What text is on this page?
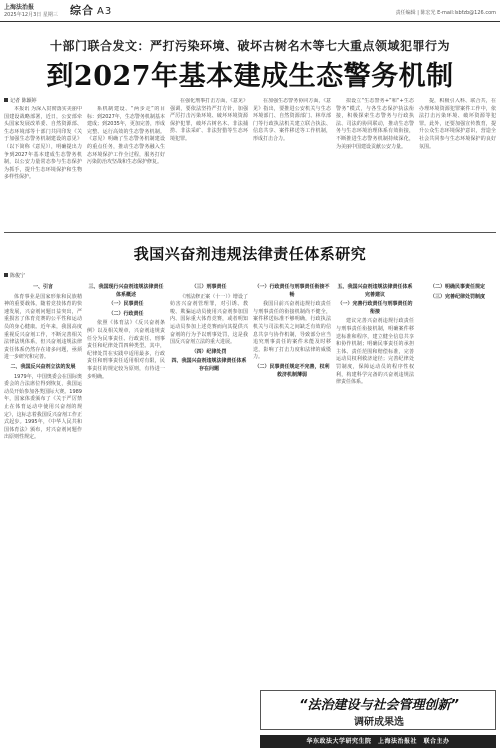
上海法治报
2025年12月3日 星期三 综合 A3	责任编辑 | 陈宏光 E-mail:lsbfzb@126.com
十部门联合发文：严打污染环境、破坏古树名木等七大重点领域犯罪行为
到2027年基本建成生态警务机制
记者 陈颖婷

本报讯 为深入贯彻落实美丽中国建设战略部署，近日，公安部牵头国家发展改革委、自然资源部、生态环境部等十部门共同印发《关于加强生态警务机制建设的意见》（以下简称《意见》），明确提出力争到2027年基本建成生态警务机制，以公安力量常态参与生态保护为抓手，提升生态环境保护和生物多样性保护。

系机制建设、“两步走”的目标：到2027年，生态警务机制基本建成；到2035年，更加完善，形成完整、运行高效的生态警务机制。《意见》明确了生态警务机制建设的重点任务，推动生态警务融入生态环境保护工作全过程，服务打好污染防治攻坚战和生态保护修复。

在强化刑事打击方面，《意见》强调，要依法坚持严打方针，加强严厉打击污染环境、破坏环境资源保护犯罪，破坏古树名木、非法捕捞、非法采矿、非法狩猎等生态环境犯罪。

在加强生态警务协同方面，《意见》指出，要推进公安机关与生态环境部门、自然资源部门、林草部门等行政执法机关建立联合执法、信息共享、案件移送等工作机制，形成打击合力。

拟设立“生态警务+”和“+生态警务”模式，与各生态保护执法衔接，积极探索生态警务与行政执法、司法的协同联动，推动生态警务与生态环境治理体系有效衔接，不断推进生态警务机制持续深化，为美丽中国建设贡献公安力量。

提，积极引入科、联合共，在办理环境资源犯罪案件工作中，依法打击污染环境、破坏资源等犯罪。此外，还要加强宣传教育，提升公众生态环境保护意识，营造全社会共同参与生态环境保护的良好氛围。

我国兴奋剂违规法律责任体系研究
陈俊宁

一、引言

体育事业是国家形象和民族精神的重要载体，随着竞技体育的快速发展，兴奋剂问题日益突出，严重损害了体育竞赛的公平性和运动员的身心健康。近年来，我国高度重视反兴奋剂工作，不断完善相关法律法规体系，但兴奋剂违规法律责任体系仍然存在诸多问题，亟须进一步研究和完善。

二、我国反兴奋剂立法的发展

1979年，中国奥委会在国际奥委会的合法席位得到恢复，我国运动员开始参加各类国际大赛。1989年，国家体委颁布了《关于严厉禁止在体育运动中使用兴奋剂的规定》，这标志着我国反兴奋剂工作正式起步。1995年，《中华人民共和国体育法》颁布，对兴奋剂问题作出原则性规定。

三、我国现行兴奋剂违规法律责任体系概述

（一）民事责任

（二）行政责任

依照《体育法》《反兴奋剂条例》以及相关规章，兴奋剂违规责任分为民事责任、行政责任、刑事责任和纪律处罚四种类型。其中，纪律处罚在实践中适用最多，行政责任和刑事责任适用相对有限，民事责任的规定较为原则，有待进一步明确。

（三）刑事责任

《刑法修正案（十一）》增设了妨害兴奋剂管理罪，对引诱、教唆、欺骗运动员使用兴奋剂参加国内、国际重大体育竞赛，或者明知运动员参加上述竞赛而向其提供兴奋剂的行为予以刑事处罚，这是我国反兴奋剂立法的重大进展。

（四）纪律处罚

四、我国兴奋剂违规法律责任体系存在问题

（一）行政责任与刑事责任衔接不畅

我国目前兴奋剂违规行政责任与刑事责任的衔接机制尚不健全，案件移送标准不够明确，行政执法机关与司法机关之间缺乏有效的信息共享与协作机制，导致部分应当追究刑事责任的案件未能及时移送，影响了打击力度和法律的威慑力。

（二）民事责任规定不完善，权利救济机制薄弱

五、我国兴奋剂违规法律责任体系完善建议

（一）完善行政责任与刑事责任的衔接

建议完善兴奋剂违规行政责任与刑事责任衔接机制，明确案件移送标准和程序，建立健全信息共享和协作机制；明确民事责任的承担主体、责任范围和赔偿标准，完善运动员权利救济途径；完善纪律处罚制度，保障运动员的程序性权利，构建科学完备的兴奋剂违规法律责任体系。

（二）明确民事责任规定

（三）完善纪律处罚制度

“法治建设与社会管理创新”
调研成果选
华东政法大学研究生院　上海法治报社　联合主办
